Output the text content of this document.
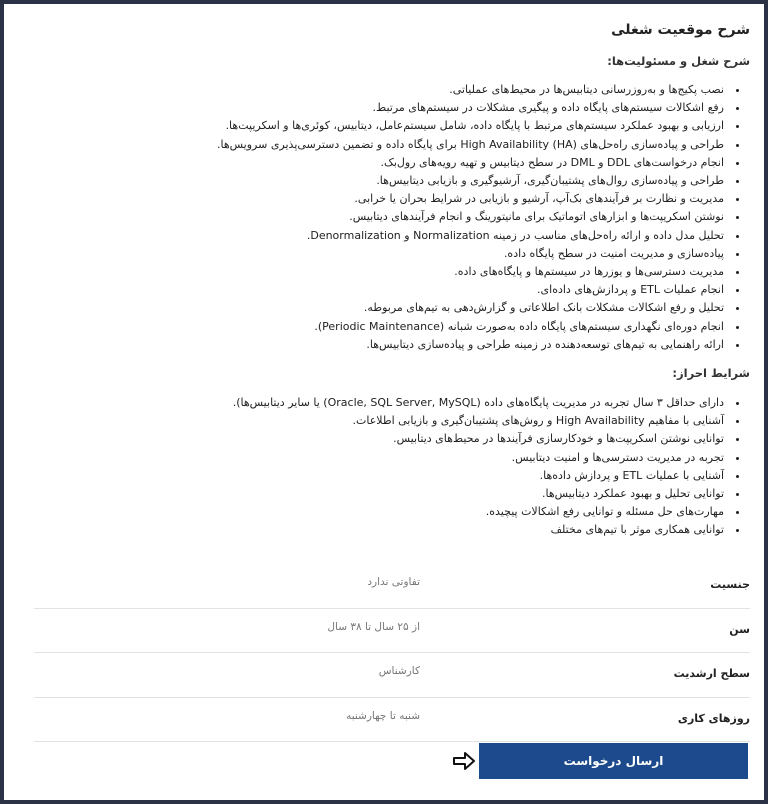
شرح موقعیت شغلی
شرح شغل و مسئولیت‌ها:
• نصب پکیج‌ها و به‌روزرسانی دیتابیس‌ها در محیط‌های عملیاتی.
• رفع اشکالات سیستم‌های پایگاه داده و پیگیری مشکلات در سیستم‌های مرتبط.
• ارزیابی و بهبود عملکرد سیستم‌های مرتبط با پایگاه داده، شامل سیستم‌عامل، دیتابیس، کوئری‌ها و اسکریپت‌ها.
• طراحی و پیاده‌سازی راه‌حل‌های High Availability (HA) برای پایگاه داده و تضمین دسترسی‌پذیری سرویس‌ها.
• انجام درخواست‌های DDL و DML در سطح دیتابیس و تهیه رویه‌های رول‌بک.
• طراحی و پیاده‌سازی روال‌های پشتیبان‌گیری، آرشیوگیری و بازیابی دیتابیس‌ها.
• مدیریت و نظارت بر فرآیندهای بک‌آپ، آرشیو و بازیابی در شرایط بحران یا خرابی.
• نوشتن اسکریپت‌ها و ابزارهای اتوماتیک برای مانیتورینگ و انجام فرآیندهای دیتابیس.
• تحلیل مدل داده و ارائه راه‌حل‌های مناسب در زمینه Normalization و Denormalization.
• پیاده‌سازی و مدیریت امنیت در سطح پایگاه داده.
• مدیریت دسترسی‌ها و یوزرها در سیستم‌ها و پایگاه‌های داده.
• انجام عملیات ETL و پردازش‌های داده‌ای.
• تحلیل و رفع اشکالات مشکلات بانک اطلاعاتی و گزارش‌دهی به تیم‌های مربوطه.
• انجام دوره‌ای نگهداری سیستم‌های پایگاه داده به‌صورت شبانه (Periodic Maintenance).
• ارائه راهنمایی به تیم‌های توسعه‌دهنده در زمینه طراحی و پیاده‌سازی دیتابیس‌ها.
شرایط احراز:
• دارای حداقل ۳ سال تجربه در مدیریت پایگاه‌های داده (Oracle, SQL Server, MySQL) یا سایر دیتابیس‌ها).
• آشنایی با مفاهیم High Availability و روش‌های پشتیبان‌گیری و بازیابی اطلاعات.
• توانایی نوشتن اسکریپت‌ها و خودکارسازی فرآیندها در محیط‌های دیتابیس.
• تجربه در مدیریت دسترسی‌ها و امنیت دیتابیس.
• آشنایی با عملیات ETL و پردازش داده‌ها.
• توانایی تحلیل و بهبود عملکرد دیتابیس‌ها.
• مهارت‌های حل مسئله و توانایی رفع اشکالات پیچیده.
• توانایی همکاری موثر با تیم‌های مختلف
جنسیت
تفاوتی ندارد
سن
از ۲۵ سال تا ۳۸ سال
سطح ارشدیت
کارشناس
روزهای کاری
شنبه تا چهارشنبه
ارسال درخواست
